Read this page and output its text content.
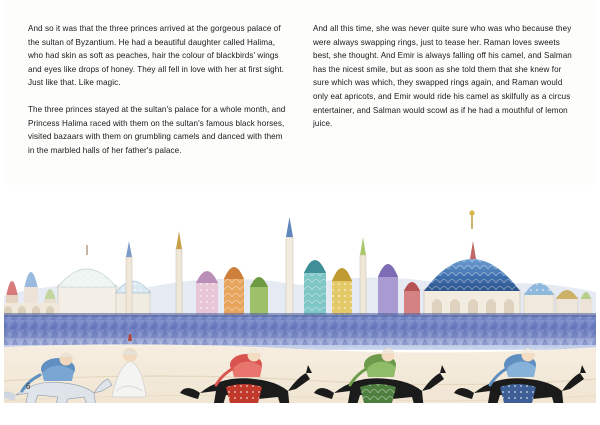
And so it was that the three princes arrived at the gorgeous palace of the sultan of Byzantium. He had a beautiful daughter called Halima, who had skin as soft as peaches, hair the colour of blackbirds' wings and eyes like drops of honey. They all fell in love with her at first sight. Just like that. Like magic.

The three princes stayed at the sultan's palace for a whole month, and Princess Halima raced with them on the sultan's famous black horses, visited bazaars with them on grumbling camels and danced with them in the marbled halls of her father's palace.

And all this time, she was never quite sure who was who because they were always swapping rings, just to tease her. Raman loves sweets best, she thought. And Emir is always falling off his camel, and Salman has the nicest smile, but as soon as she told them that she knew for sure which was which, they swapped rings again, and Raman would only eat apricots, and Emir would ride his camel as skilfully as a circus entertainer, and Salman would scowl as if he had a mouthful of lemon juice.

6
